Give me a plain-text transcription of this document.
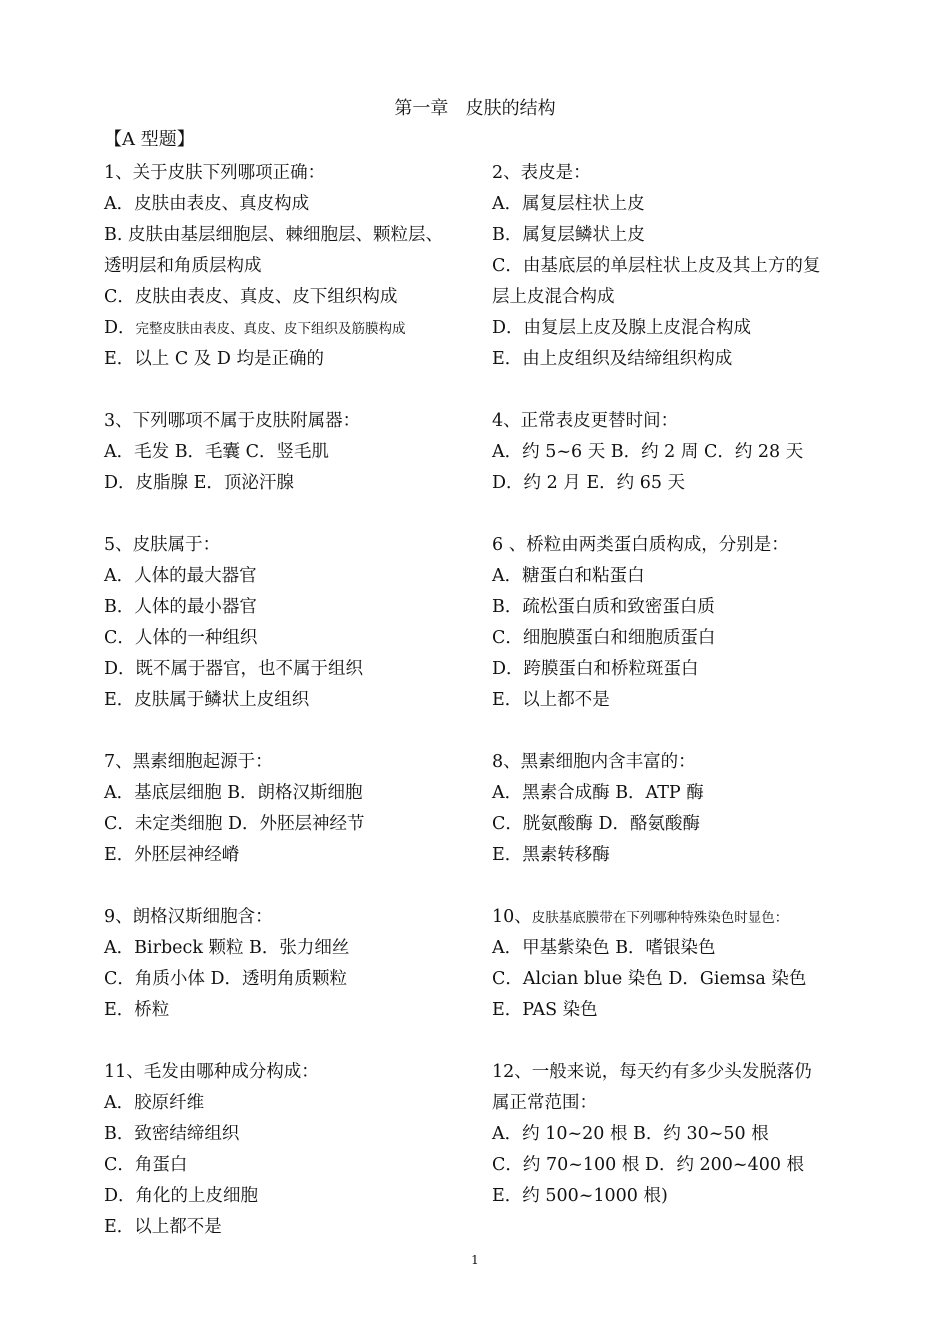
第一章   皮肤的结构
【A 型题】
1、关于皮肤下列哪项正确：
A．皮肤由表皮、真皮构成
B. 皮肤由基层细胞层、棘细胞层、颗粒层、
透明层和角质层构成
C．皮肤由表皮、真皮、皮下组织构成
D．完整皮肤由表皮、真皮、皮下组织及筋膜构成
E．以上 C 及 D 均是正确的
2、表皮是：
A．属复层柱状上皮
B．属复层鳞状上皮
C．由基底层的单层柱状上皮及其上方的复
层上皮混合构成
D．由复层上皮及腺上皮混合构成
E．由上皮组织及结缔组织构成
3、下列哪项不属于皮肤附属器：
A．毛发 B．毛囊 C．竖毛肌
D．皮脂腺 E．顶泌汗腺
4、正常表皮更替时间：
A．约 5~6 天 B．约 2 周 C．约 28 天
D．约 2 月 E．约 65 天
5、皮肤属于：
A．人体的最大器官
B．人体的最小器官
C．人体的一种组织
D．既不属于器官，也不属于组织
E．皮肤属于鳞状上皮组织
6 、桥粒由两类蛋白质构成，分别是：
A．糖蛋白和粘蛋白
B．疏松蛋白质和致密蛋白质
C．细胞膜蛋白和细胞质蛋白
D．跨膜蛋白和桥粒斑蛋白
E．以上都不是
7、黑素细胞起源于：
A．基底层细胞 B．朗格汉斯细胞
C．未定类细胞 D．外胚层神经节
E．外胚层神经嵴
8、黑素细胞内含丰富的：
A．黑素合成酶 B．ATP 酶
C．胱氨酸酶 D．酪氨酸酶
E．黑素转移酶
9、朗格汉斯细胞含：
A．Birbeck 颗粒 B．张力细丝
C．角质小体 D．透明角质颗粒
E．桥粒
10、皮肤基底膜带在下列哪种特殊染色时显色：
A．甲基紫染色 B．嗜银染色
C．Alcian blue 染色 D．Giemsa 染色
E．PAS 染色
11、毛发由哪种成分构成：
A．胶原纤维
B．致密结缔组织
C．角蛋白
D．角化的上皮细胞
E．以上都不是
12、一般来说，每天约有多少头发脱落仍
属正常范围：
A．约 10~20 根 B．约 30~50 根
C．约 70~100 根 D．约 200~400 根
E．约 500~1000 根)
1
